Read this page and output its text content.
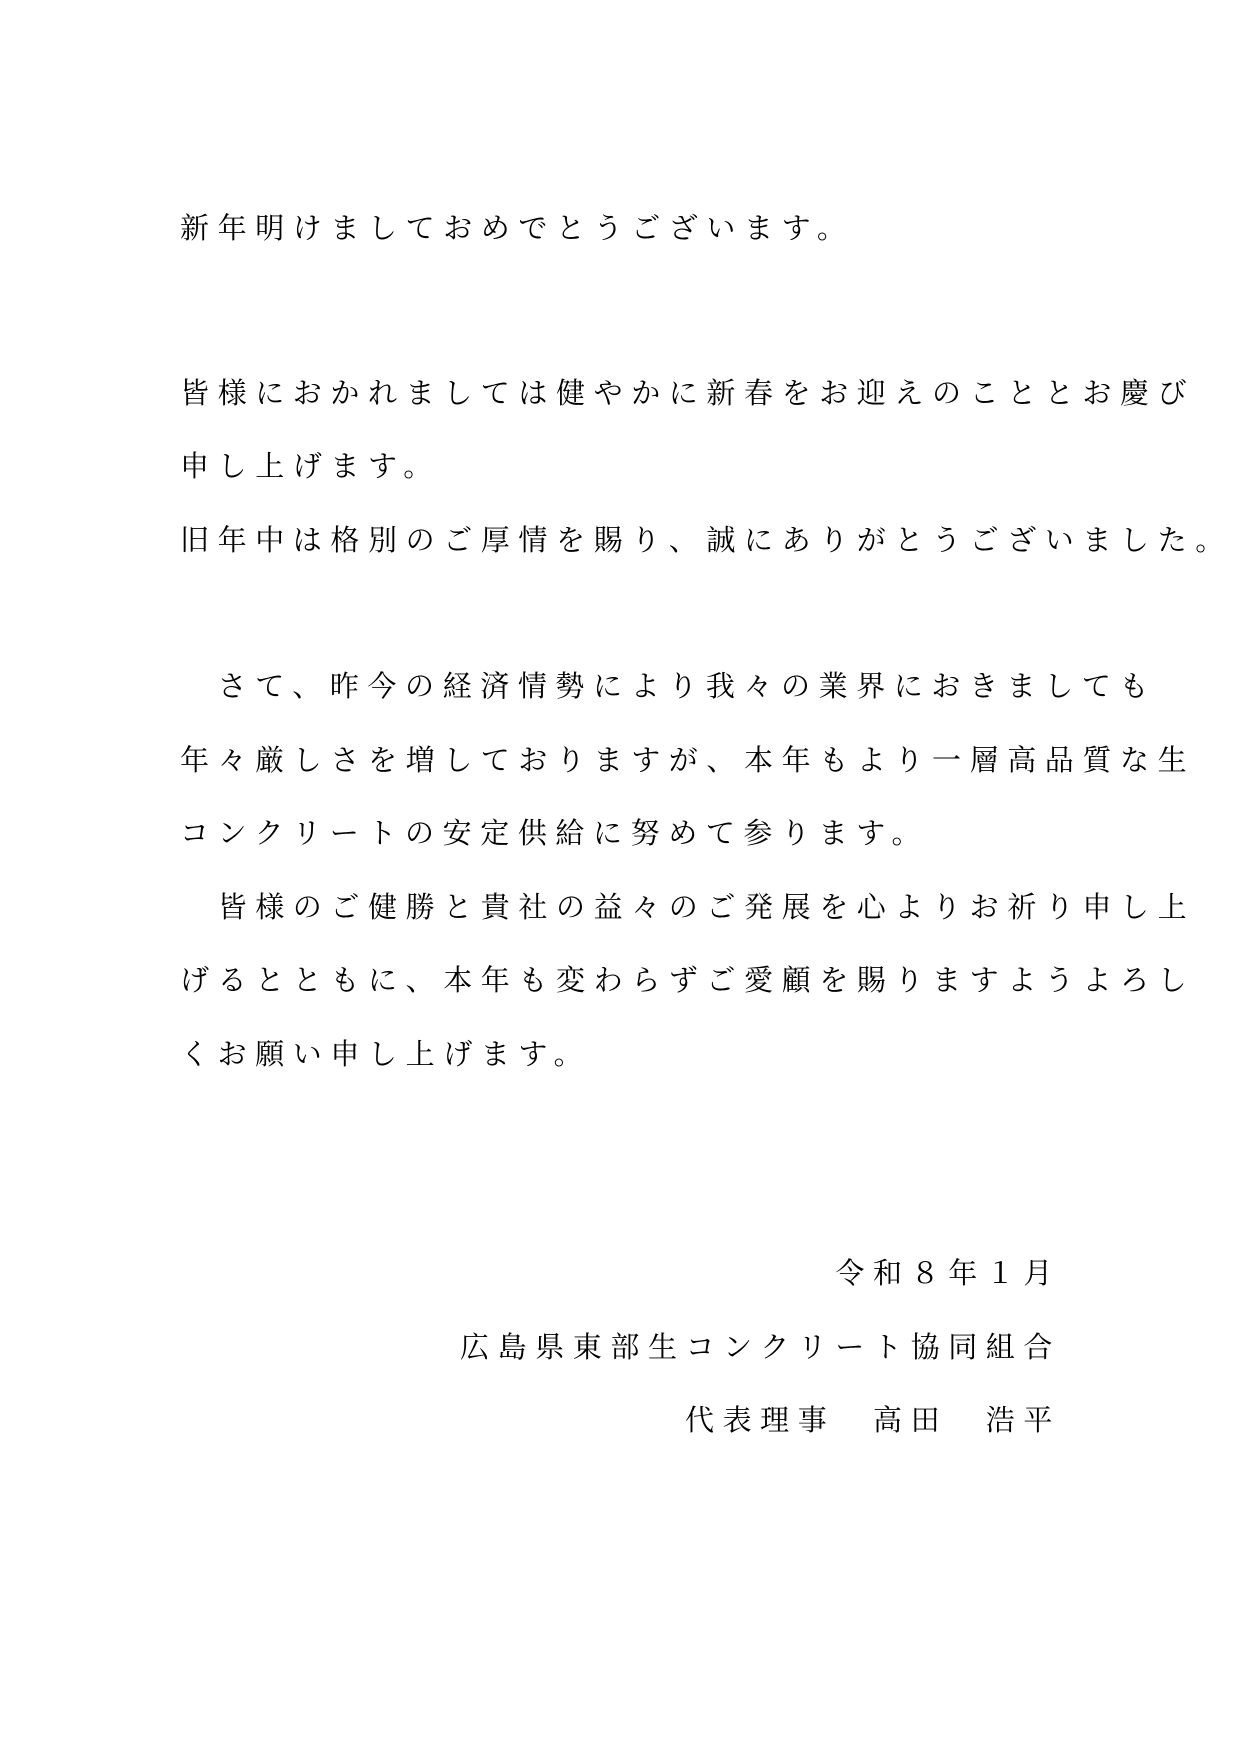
新年明けましておめでとうございます。
皆様におかれましては健やかに新春をお迎えのこととお慶び
申し上げます。
旧年中は格別のご厚情を賜り、誠にありがとうございました。
　さて、昨今の経済情勢により我々の業界におきましても
年々厳しさを増しておりますが、本年もより一層高品質な生
コンクリートの安定供給に努めて参ります。
　皆様のご健勝と貴社の益々のご発展を心よりお祈り申し上
げるとともに、本年も変わらずご愛顧を賜りますようよろし
くお願い申し上げます。
令和８年１月
広島県東部生コンクリート協同組合
代表理事　高田　浩平
